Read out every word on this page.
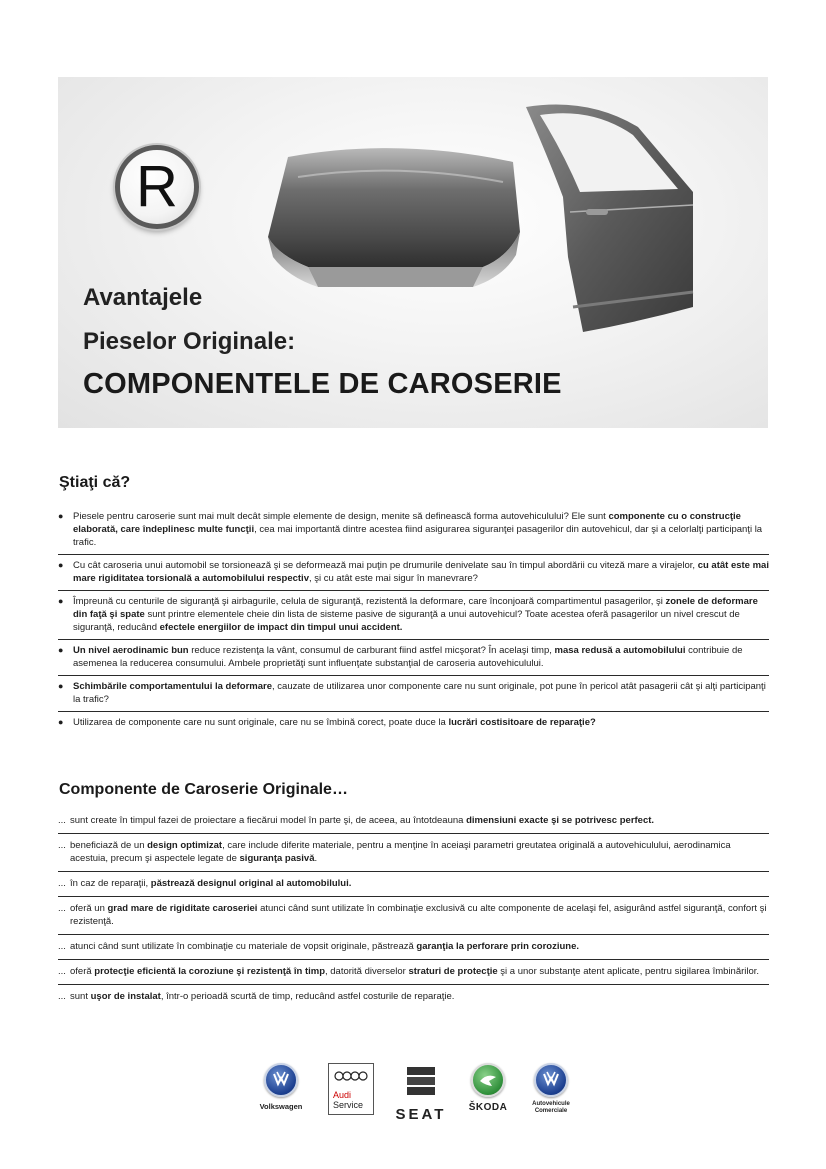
R
Avantajele
Pieselor Originale:
COMPONENTELE DE CAROSERIE
Ştiaţi că?
● Piesele pentru caroserie sunt mai mult decât simple elemente de design, menite să definească forma autovehiculului? Ele sunt componente cu o construcţie elaborată, care îndeplinesc multe funcţii, cea mai importantă dintre acestea fiind asigurarea siguranţei pasagerilor din autovehicul, dar şi a celorlalţi participanţi la trafic.
● Cu cât caroseria unui automobil se torsionează şi se deformează mai puţin pe drumurile denivelate sau în timpul abordării cu viteză mare a virajelor, cu atât este mai mare rigiditatea torsională a automobilului respectiv, şi cu atât este mai sigur în manevrare?
● Împreună cu centurile de siguranţă şi airbagurile, celula de siguranţă, rezistentă la deformare, care înconjoară compartimentul pasagerilor, şi zonele de deformare din faţă şi spate sunt printre elementele cheie din lista de sisteme pasive de siguranţă a unui autovehicul? Toate acestea oferă pasagerilor un nivel crescut de siguranţă, reducând efectele energiilor de impact din timpul unui accident.
● Un nivel aerodinamic bun reduce rezistenţa la vânt, consumul de carburant fiind astfel micşorat? În acelaşi timp, masa redusă a automobilului contribuie de asemenea la reducerea consumului. Ambele proprietăţi sunt influenţate substanţial de caroseria autovehiculului.
● Schimbările comportamentului la deformare, cauzate de utilizarea unor componente care nu sunt originale, pot pune în pericol atât pasagerii cât şi alţi participanţi la trafic?
● Utilizarea de componente care nu sunt originale, care nu se îmbină corect, poate duce la lucrări costisitoare de reparaţie?
Componente de Caroserie Originale…
... sunt create în timpul fazei de proiectare a fiecărui model în parte şi, de aceea, au întotdeauna dimensiuni exacte şi se potrivesc perfect.
... beneficiază de un design optimizat, care include diferite materiale, pentru a menţine în aceiaşi parametri greutatea originală a autovehiculului, aerodinamica acestuia, precum şi aspectele legate de siguranţa pasivă.
... în caz de reparaţii, păstrează designul original al automobilului.
... oferă un grad mare de rigiditate caroseriei atunci când sunt utilizate în combinaţie exclusivă cu alte componente de acelaşi fel, asigurând astfel siguranţă, confort şi rezistenţă.
... atunci când sunt utilizate în combinaţie cu materiale de vopsit originale, păstrează garanţia la perforare prin coroziune.
... oferă protecţie eficientă la coroziune şi rezistenţă în timp, datorită diverselor straturi de protecţie şi a unor substanţe atent aplicate, pentru sigilarea îmbinărilor.
... sunt uşor de instalat, într-o perioadă scurtă de timp, reducând astfel costurile de reparaţie.
Volkswagen
Audi
Service
SEAT	ŠKODA	Autovehicule
Comerciale
